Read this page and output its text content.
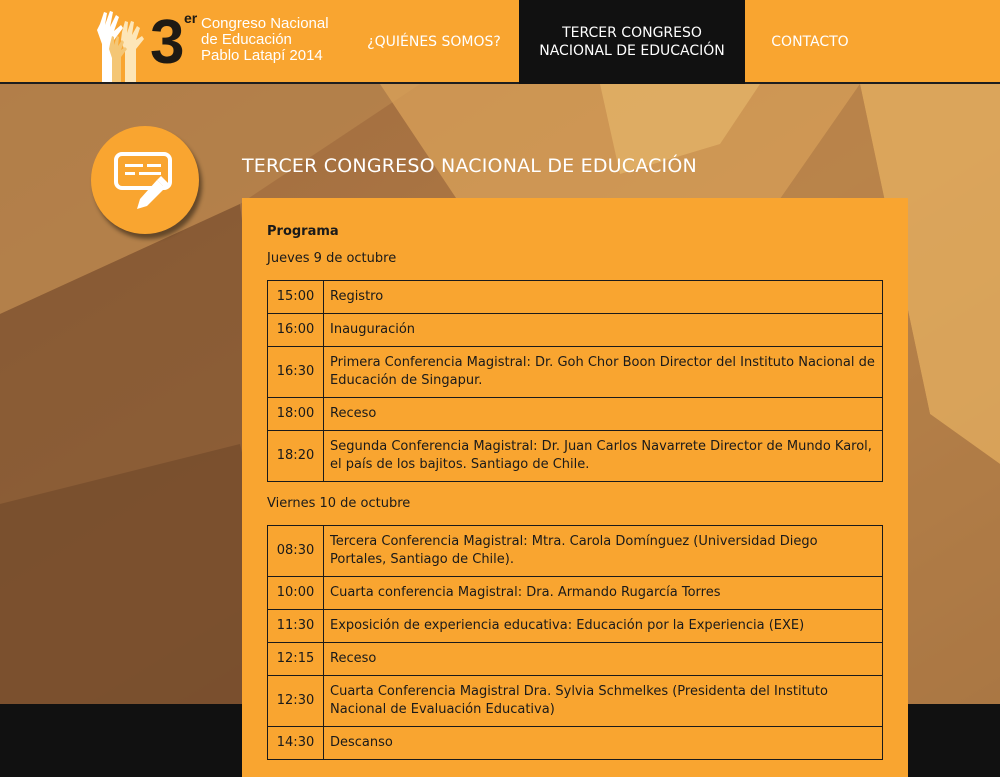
3 er Congreso Nacional
de Educación
Pablo Latapí 2014
¿QUIÉNES SOMOS?
TERCER CONGRESO
NACIONAL DE EDUCACIÓN
CONTACTO
TERCER CONGRESO NACIONAL DE EDUCACIÓN
Programa
Jueves 9 de octubre
15:00	Registro
16:00	Inauguración
16:30	Primera Conferencia Magistral: Dr. Goh Chor Boon Director del Instituto Nacional de Educación de Singapur.
18:00	Receso
18:20	Segunda Conferencia Magistral: Dr. Juan Carlos Navarrete Director de Mundo Karol, el país de los bajitos. Santiago de Chile.
Viernes 10 de octubre
08:30	Tercera Conferencia Magistral: Mtra. Carola Domínguez (Universidad Diego Portales, Santiago de Chile).
10:00	Cuarta conferencia Magistral: Dra. Armando Rugarcía Torres
11:30	Exposición de experiencia educativa: Educación por la Experiencia (EXE)
12:15	Receso
12:30	Cuarta Conferencia Magistral Dra. Sylvia Schmelkes (Presidenta del Instituto Nacional de Evaluación Educativa)
14:30	Descanso
